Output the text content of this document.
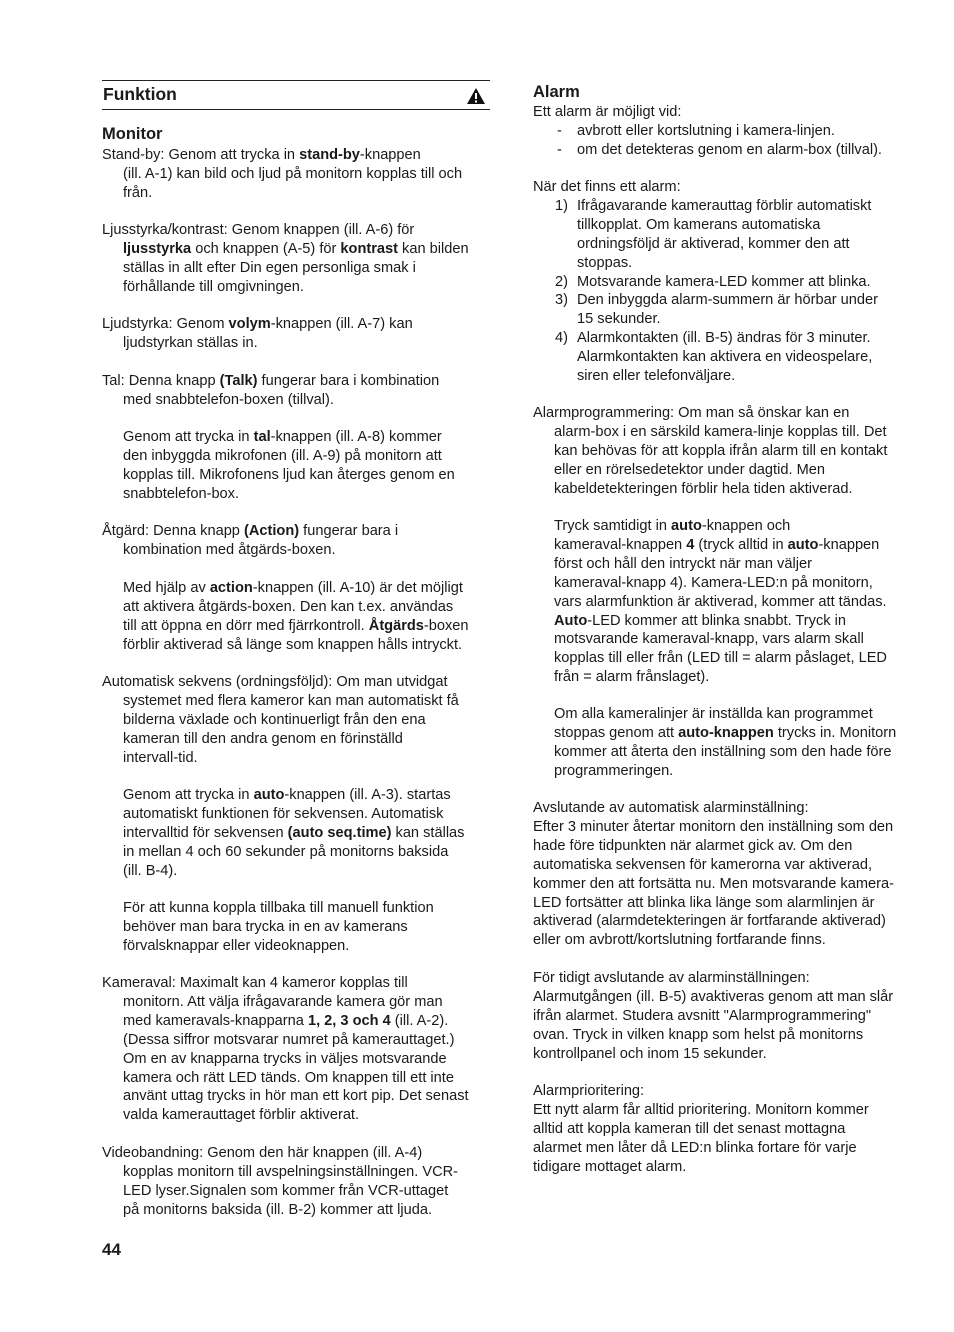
Funktion
Monitor
Stand-by: Genom att trycka in stand-by-knappen
(ill. A-1) kan bild och ljud på monitorn kopplas till och
från.
Ljusstyrka/kontrast: Genom knappen (ill. A-6) för
ljusstyrka och knappen (A-5) för kontrast kan bilden
ställas in allt efter Din egen personliga smak i
förhållande till omgivningen.
Ljudstyrka: Genom volym-knappen (ill. A-7) kan
ljudstyrkan ställas in.
Tal: Denna knapp (Talk) fungerar bara i kombination
med snabbtelefon-boxen (tillval).
Genom att trycka in tal-knappen (ill. A-8) kommer
den inbyggda mikrofonen (ill. A-9) på monitorn att
kopplas till. Mikrofonens ljud kan återges genom en
snabbtelefon-box.
Åtgärd: Denna knapp (Action) fungerar bara i
kombination med åtgärds-boxen.
Med hjälp av action-knappen (ill. A-10) är det möjligt
att aktivera åtgärds-boxen. Den kan t.ex. användas
till att öppna en dörr med fjärrkontroll. Åtgärds-boxen
förblir aktiverad så länge som knappen hålls intryckt.
Automatisk sekvens (ordningsföljd): Om man utvidgat
systemet med flera kameror kan man automatiskt få
bilderna växlade och kontinuerligt från den ena
kameran till den andra genom en förinställd
intervall-tid.
Genom att trycka in auto-knappen (ill. A-3). startas
automatiskt funktionen för sekvensen. Automatisk
intervalltid för sekvensen (auto seq.time) kan ställas
in mellan 4 och 60 sekunder på monitorns baksida
(ill. B-4).
För att kunna koppla tillbaka till manuell funktion
behöver man bara trycka in en av kamerans
förvalsknappar eller videoknappen.
Kameraval: Maximalt kan 4 kameror kopplas till
monitorn. Att välja ifrågavarande kamera gör man
med kameravals-knapparna 1, 2, 3 och 4 (ill. A-2).
(Dessa siffror motsvarar numret på kamerauttaget.)
Om en av knapparna trycks in väljes motsvarande
kamera och rätt LED tänds. Om knappen till ett inte
använt uttag trycks in hör man ett kort pip. Det senast
valda kamerauttaget förblir aktiverat.
Videobandning: Genom den här knappen (ill. A-4)
kopplas monitorn till avspelningsinställningen. VCR-
LED lyser.Signalen som kommer från VCR-uttaget
på monitorns baksida (ill. B-2) kommer att ljuda.
Alarm
Ett alarm är möjligt vid:
- avbrott eller kortslutning i kamera-linjen.
- om det detekteras genom en alarm-box (tillval).
När det finns ett alarm:
1) Ifrågavarande kamerauttag förblir automatiskt
tillkopplat. Om kamerans automatiska
ordningsföljd är aktiverad, kommer den att
stoppas.
2) Motsvarande kamera-LED kommer att blinka.
3) Den inbyggda alarm-summern är hörbar under
15 sekunder.
4) Alarmkontakten (ill. B-5) ändras för 3 minuter.
Alarmkontakten kan aktivera en videospelare,
siren eller telefonväljare.
Alarmprogrammering: Om man så önskar kan en
alarm-box i en särskild kamera-linje kopplas till. Det
kan behövas för att koppla ifrån alarm till en kontakt
eller en rörelsedetektor under dagtid. Men
kabeldetekteringen förblir hela tiden aktiverad.
Tryck samtidigt in auto-knappen och
kameraval-knappen 4 (tryck alltid in auto-knappen
först och håll den intryckt när man väljer
kameraval-knapp 4). Kamera-LED:n på monitorn,
vars alarmfunktion är aktiverad, kommer att tändas.
Auto-LED kommer att blinka snabbt. Tryck in
motsvarande kameraval-knapp, vars alarm skall
kopplas till eller från (LED till = alarm påslaget, LED
från = alarm frånslaget).
Om alla kameralinjer är inställda kan programmet
stoppas genom att auto-knappen trycks in. Monitorn
kommer att återta den inställning som den hade före
programmeringen.
Avslutande av automatisk alarminställning:
Efter 3 minuter återtar monitorn den inställning som den
hade före tidpunkten när alarmet gick av. Om den
automatiska sekvensen för kamerorna var aktiverad,
kommer den att fortsätta nu. Men motsvarande kamera-
LED fortsätter att blinka lika länge som alarmlinjen är
aktiverad (alarmdetekteringen är fortfarande aktiverad)
eller om avbrott/kortslutning fortfarande finns.
För tidigt avslutande av alarminställningen:
Alarmutgången (ill. B-5) avaktiveras genom att man slår
ifrån alarmet. Studera avsnitt "Alarmprogrammering"
ovan. Tryck in vilken knapp som helst på monitorns
kontrollpanel och inom 15 sekunder.
Alarmprioritering:
Ett nytt alarm får alltid prioritering. Monitorn kommer
alltid att koppla kameran till det senast mottagna
alarmet men låter då LED:n blinka fortare för varje
tidigare mottaget alarm.
44
